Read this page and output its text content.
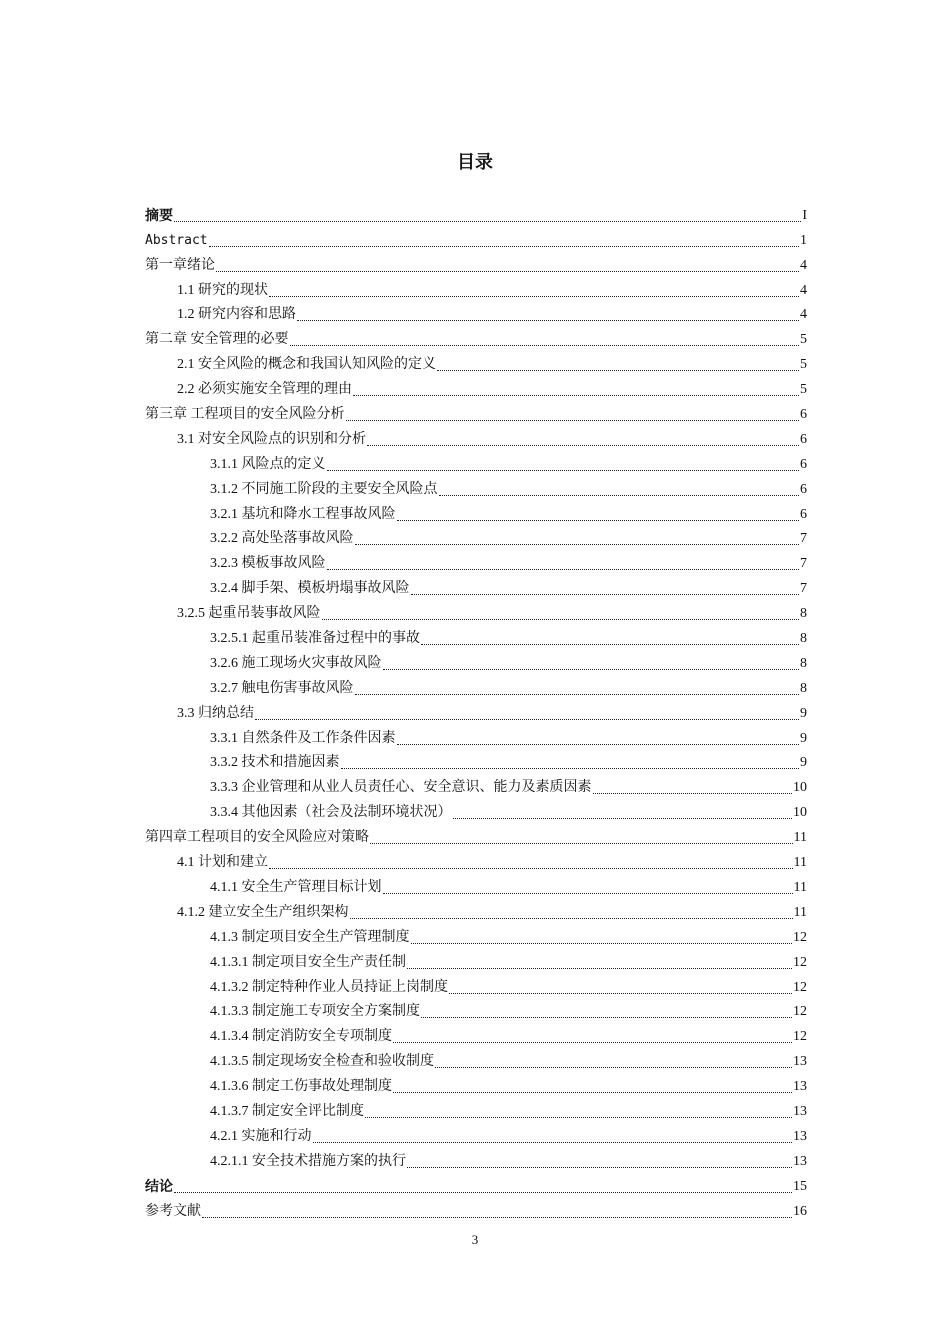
目录
摘要	I
Abstract	1
第一章绪论	4
1.1 研究的现状	4
1.2 研究内容和思路	4
第二章 安全管理的必要	5
2.1 安全风险的概念和我国认知风险的定义	5
2.2 必须实施安全管理的理由	5
第三章 工程项目的安全风险分析	6
3.1 对安全风险点的识别和分析	6
3.1.1 风险点的定义	6
3.1.2 不同施工阶段的主要安全风险点	6
3.2.1 基坑和降水工程事故风险	6
3.2.2 高处坠落事故风险	7
3.2.3 模板事故风险	7
3.2.4 脚手架、模板坍塌事故风险	7
3.2.5 起重吊装事故风险	8
3.2.5.1 起重吊装准备过程中的事故	8
3.2.6 施工现场火灾事故风险	8
3.2.7 触电伤害事故风险	8
3.3 归纳总结	9
3.3.1 自然条件及工作条件因素	9
3.3.2 技术和措施因素	9
3.3.3 企业管理和从业人员责任心、安全意识、能力及素质因素	10
3.3.4 其他因素（社会及法制环境状况）	10
第四章工程项目的安全风险应对策略	11
4.1 计划和建立	11
4.1.1 安全生产管理目标计划	11
4.1.2 建立安全生产组织架构	11
4.1.3 制定项目安全生产管理制度	12
4.1.3.1 制定项目安全生产责任制	12
4.1.3.2 制定特种作业人员持证上岗制度	12
4.1.3.3 制定施工专项安全方案制度	12
4.1.3.4 制定消防安全专项制度	12
4.1.3.5 制定现场安全检查和验收制度	13
4.1.3.6 制定工伤事故处理制度	13
4.1.3.7 制定安全评比制度	13
4.2.1 实施和行动	13
4.2.1.1 安全技术措施方案的执行	13
结论	15
参考文献	16
3
